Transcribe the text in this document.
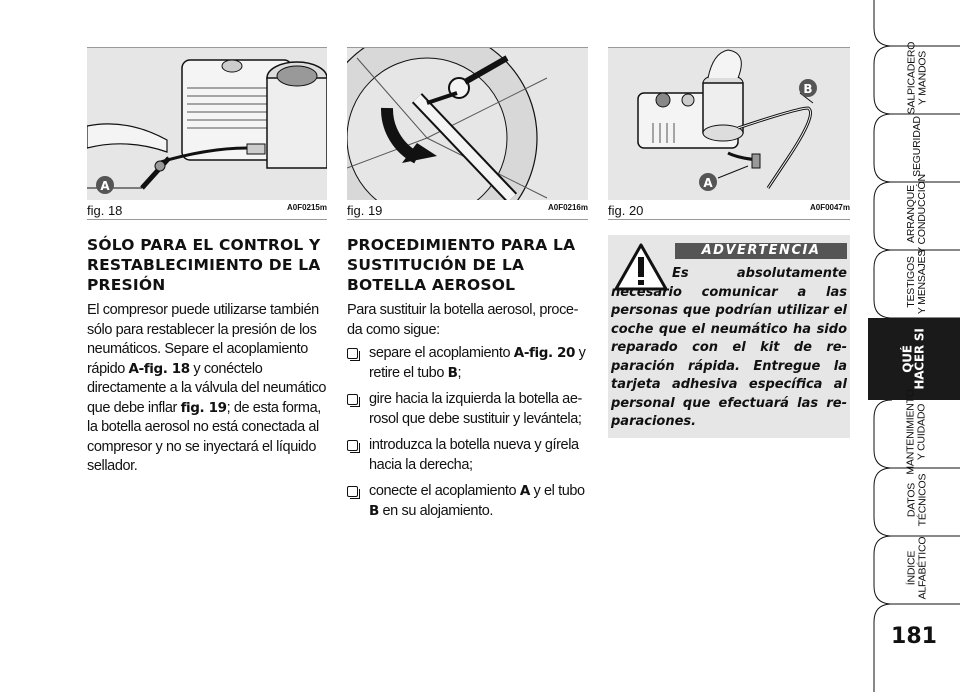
A
fig. 18	A0F0215m fig. 19	A0F0216m
A
B
fig. 20	A0F0047m
SÓLO PARA EL CONTROL Y RESTABLECIMIENTO DE LA PRESIÓN

El compresor puede utilizarse también sólo para restablecer la presión de los neumáticos. Separe el acoplamiento rápido A-fig. 18 y conéctelo directamente a la válvula del neumático que debe inflar fig. 19; de esta forma, la botella aerosol no está conectada al compresor y no se inyectará el líquido sellador.

PROCEDIMIENTO PARA LA SUSTITUCIÓN DE LA BOTELLA AEROSOL

Para sustituir la botella aerosol, proceda como sigue:

separe el acoplamiento A-fig. 20 y retire el tubo B;
gire hacia la izquierda la botella aerosol que debe sustituir y levántela;
introduzca la botella nueva y gírela hacia la derecha;
conecte el acoplamiento A y el tubo B en su alojamiento.
ADVERTENCIA
Es absolutamente necesario comunicar a las personas que podrían utilizar el coche que el neumático ha sido reparado con el kit de reparación rápida. Entregue la tarjeta adhesiva específica al personal que efectuará las reparaciones.
SALPICADERO
Y MANDOS
SEGURIDAD
ARRANQUE
Y CONDUCCIÓN
TESTIGOS
Y MENSAJES
QUÉ
HACER SI
MANTENIMIENTO
Y CUIDADO
DATOS
TÉCNICOS
ÍNDICE
ALFABÉTICO
181
